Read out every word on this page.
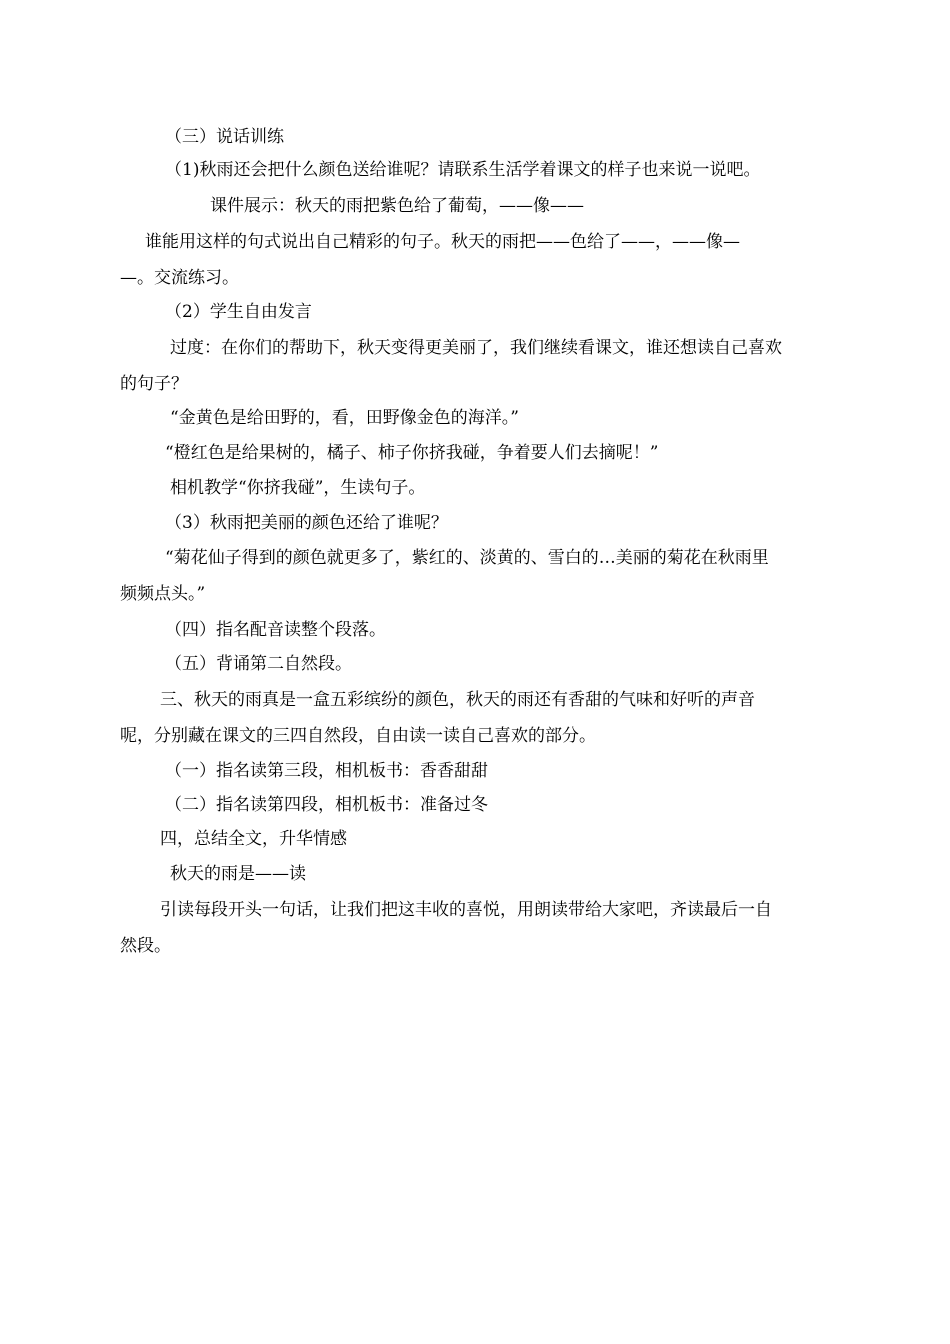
（三）说话训练
（1)秋雨还会把什么颜色送给谁呢？请联系生活学着课文的样子也来说一说吧。
课件展示：秋天的雨把紫色给了葡萄，——像——
谁能用这样的句式说出自己精彩的句子。秋天的雨把——色给了——，——像—
—。交流练习。
（2）学生自由发言
过度：在你们的帮助下，秋天变得更美丽了，我们继续看课文，谁还想读自己喜欢
的句子？
“金黄色是给田野的，看，田野像金色的海洋。”
“橙红色是给果树的，橘子、柿子你挤我碰，争着要人们去摘呢！”
相机教学“你挤我碰”，生读句子。
（3）秋雨把美丽的颜色还给了谁呢？
“菊花仙子得到的颜色就更多了，紫红的、淡黄的、雪白的…美丽的菊花在秋雨里
频频点头。”
（四）指名配音读整个段落。
（五）背诵第二自然段。
三、秋天的雨真是一盒五彩缤纷的颜色，秋天的雨还有香甜的气味和好听的声音
呢，分别藏在课文的三四自然段，自由读一读自己喜欢的部分。
（一）指名读第三段，相机板书：香香甜甜
（二）指名读第四段，相机板书：准备过冬
四，总结全文，升华情感
秋天的雨是——读
引读每段开头一句话，让我们把这丰收的喜悦，用朗读带给大家吧，齐读最后一自
然段。
